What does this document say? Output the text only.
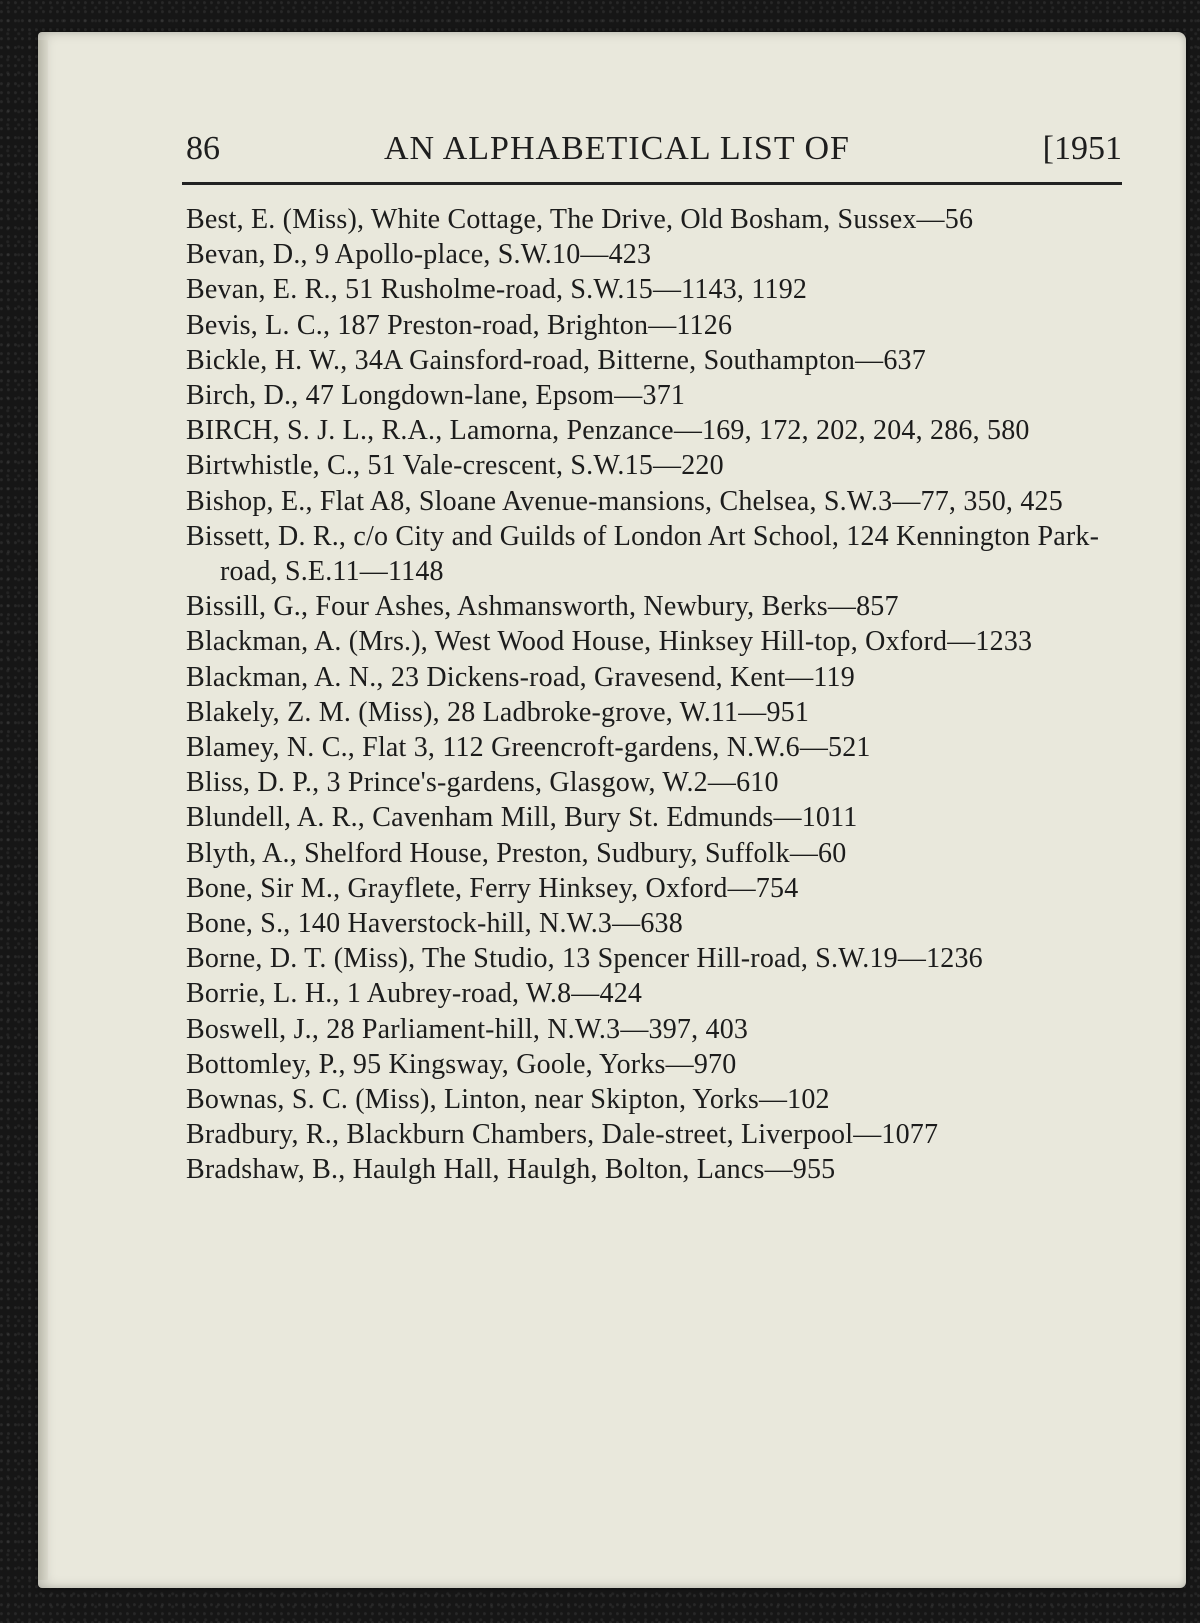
86	AN ALPHABETICAL LIST OF	[1951
Best, E. (Miss), White Cottage, The Drive, Old Bosham, Sussex—56
Bevan, D., 9 Apollo-place, S.W.10—423
Bevan, E. R., 51 Rusholme-road, S.W.15—1143, 1192
Bevis, L. C., 187 Preston-road, Brighton—1126
Bickle, H. W., 34A Gainsford-road, Bitterne, Southampton—637
Birch, D., 47 Longdown-lane, Epsom—371
BIRCH, S. J. L., R.A., Lamorna, Penzance—169, 172, 202, 204, 286, 580
Birtwhistle, C., 51 Vale-crescent, S.W.15—220
Bishop, E., Flat A8, Sloane Avenue-mansions, Chelsea, S.W.3—77, 350, 425
Bissett, D. R., c/o City and Guilds of London Art School, 124 Kennington Park-road, S.E.11—1148
Bissill, G., Four Ashes, Ashmansworth, Newbury, Berks—857
Blackman, A. (Mrs.), West Wood House, Hinksey Hill-top, Oxford—1233
Blackman, A. N., 23 Dickens-road, Gravesend, Kent—119
Blakely, Z. M. (Miss), 28 Ladbroke-grove, W.11—951
Blamey, N. C., Flat 3, 112 Greencroft-gardens, N.W.6—521
Bliss, D. P., 3 Prince's-gardens, Glasgow, W.2—610
Blundell, A. R., Cavenham Mill, Bury St. Edmunds—1011
Blyth, A., Shelford House, Preston, Sudbury, Suffolk—60
Bone, Sir M., Grayflete, Ferry Hinksey, Oxford—754
Bone, S., 140 Haverstock-hill, N.W.3—638
Borne, D. T. (Miss), The Studio, 13 Spencer Hill-road, S.W.19—1236
Borrie, L. H., 1 Aubrey-road, W.8—424
Boswell, J., 28 Parliament-hill, N.W.3—397, 403
Bottomley, P., 95 Kingsway, Goole, Yorks—970
Bownas, S. C. (Miss), Linton, near Skipton, Yorks—102
Bradbury, R., Blackburn Chambers, Dale-street, Liverpool—1077
Bradshaw, B., Haulgh Hall, Haulgh, Bolton, Lancs—955
